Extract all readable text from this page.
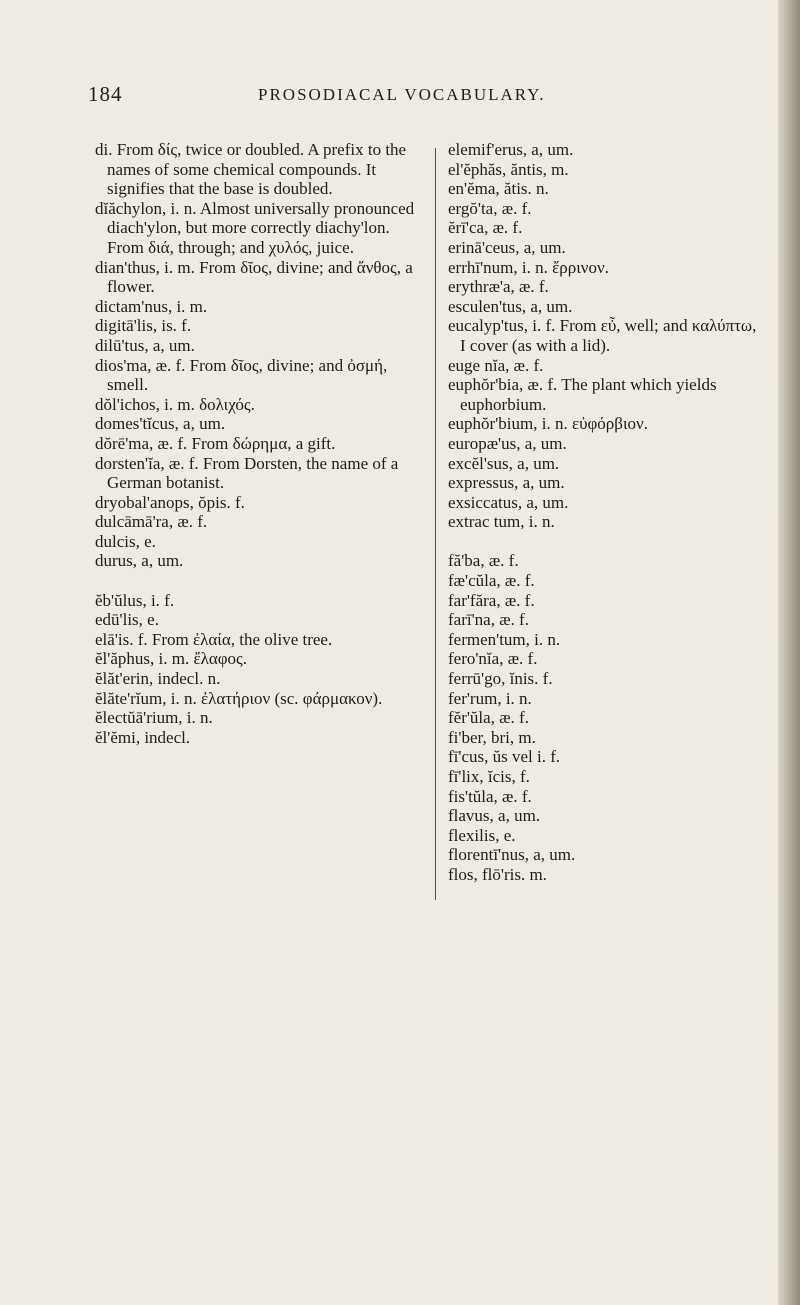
184	PROSODIACAL VOCABULARY.
di. From δίς, twice or doubled. A prefix to the names of some chemical compounds. It signifies that the base is doubled.
dĭăchylon, i. n. Almost universally pronounced diach'ylon, but more correctly diachy'lon. From διά, through; and χυλός, juice.
dian'thus, i. m. From δῖος, divine; and ἄνθος, a flower.
dictam'nus, i. m.
digitā'lis, is. f.
dilū'tus, a, um.
dios'ma, æ. f. From δῖος, divine; and ὀσμή, smell.
dŏl'ichos, i. m. δολιχός.
domes'tĭcus, a, um.
dŏrē'ma, æ. f. From δώρημα, a gift.
dorsten'ĭa, æ. f. From Dorsten, the name of a German botanist.
dryobal'anops, ŏpis. f.
dulcāmā'ra, æ. f.
dulcis, e.
durus, a, um.
ĕb'ŭlus, i. f.
edū'lis, e.
elā'is. f. From ἐλαία, the olive tree.
ĕl'ăphus, i. m. ἔλαφος.
ĕlăt'erin, indecl. n.
ĕlăte'rĭum, i. n. ἐλατήριον (sc. φάρμακον).
ĕlectŭā'rium, i. n.
ĕl'ĕmi, indecl.
elemif'erus, a, um.
el'ĕphăs, ăntis, m.
en'ĕma, ătis. n.
ergŏ'ta, æ. f.
ĕrī'ca, æ. f.
erinā'ceus, a, um.
errhī'num, i. n. ἔρρινον.
erythræ'a, æ. f.
esculen'tus, a, um.
eucalyp'tus, i. f. From εὖ, well; and καλύπτω, I cover (as with a lid).
euge nĭa, æ. f.
euphŏr'bia, æ. f. The plant which yields euphorbium.
euphŏr'bium, i. n. εὐφόρβιον.
europæ'us, a, um.
excĕl'sus, a, um.
expressus, a, um.
exsiccatus, a, um.
extrac tum, i. n.
fă'ba, æ. f.
fæ'cŭla, æ. f.
far'făra, æ. f.
farī'na, æ. f.
fermen'tum, i. n.
fero'nĭa, æ. f.
ferrū'go, ĭnis. f.
fer'rum, i. n.
fĕr'ŭla, æ. f.
fi'ber, bri, m.
fī'cus, ŭs vel i. f.
fī'lix, ĭcis, f.
fis'tŭla, æ. f.
flavus, a, um.
flexilis, e.
florentī'nus, a, um.
flos, flō'ris. m.
